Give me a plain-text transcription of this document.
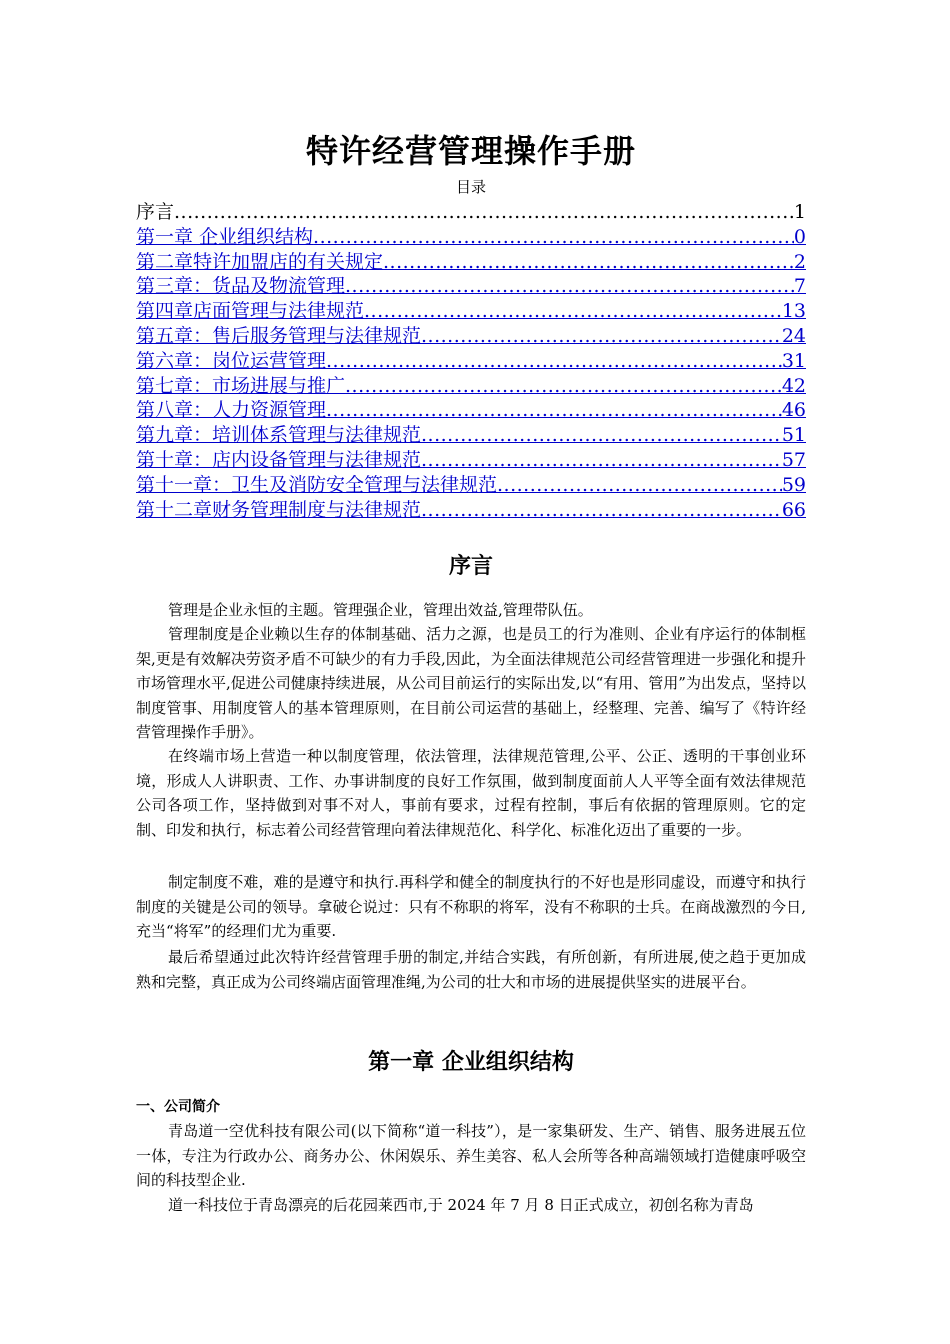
特许经营管理操作手册
目录
序言 .....	1
第一章 企业组织结构 .....	0
第二章特许加盟店的有关规定 .....	2
第三章：货品及物流管理 .....	7
第四章店面管理与法律规范 .....	13
第五章：售后服务管理与法律规范 .....	24
第六章：岗位运营管理 .....	31
第七章：市场进展与推广 .....	42
第八章：人力资源管理 .....	46
第九章：培训体系管理与法律规范 .....	51
第十章：店内设备管理与法律规范 .....	57
第十一章：卫生及消防安全管理与法律规范 .....	59
第十二章财务管理制度与法律规范 .....	66
序言
管理是企业永恒的主题。管理强企业，管理出效益,管理带队伍。
管理制度是企业赖以生存的体制基础、活力之源，也是员工的行为准则、企业有序运行的体制框架,更是有效解决劳资矛盾不可缺少的有力手段,因此，为全面法律规范公司经营管理进一步强化和提升市场管理水平,促进公司健康持续进展，从公司目前运行的实际出发,以“有用、管用”为出发点，坚持以制度管事、用制度管人的基本管理原则，在目前公司运营的基础上，经整理、完善、编写了《特许经营管理操作手册》。
在终端市场上营造一种以制度管理，依法管理，法律规范管理,公平、公正、透明的干事创业环境，形成人人讲职责、工作、办事讲制度的良好工作氛围，做到制度面前人人平等全面有效法律规范公司各项工作，坚持做到对事不对人，事前有要求，过程有控制，事后有依据的管理原则。它的定制、印发和执行，标志着公司经营管理向着法律规范化、科学化、标准化迈出了重要的一步。
制定制度不难，难的是遵守和执行.再科学和健全的制度执行的不好也是形同虚设，而遵守和执行制度的关键是公司的领导。拿破仑说过：只有不称职的将军，没有不称职的士兵。在商战激烈的今日,充当“将军”的经理们尤为重要.
最后希望通过此次特许经营管理手册的制定,并结合实践，有所创新，有所进展,使之趋于更加成熟和完整，真正成为公司终端店面管理准绳,为公司的壮大和市场的进展提供坚实的进展平台。
第一章 企业组织结构
一、公司简介
青岛道一空优科技有限公司(以下简称“道一科技”），是一家集研发、生产、销售、服务进展五位一体，专注为行政办公、商务办公、休闲娱乐、养生美容、私人会所等各种高端领域打造健康呼吸空间的科技型企业.
道一科技位于青岛漂亮的后花园莱西市,于 2024 年 7 月 8 日正式成立，初创名称为青岛
